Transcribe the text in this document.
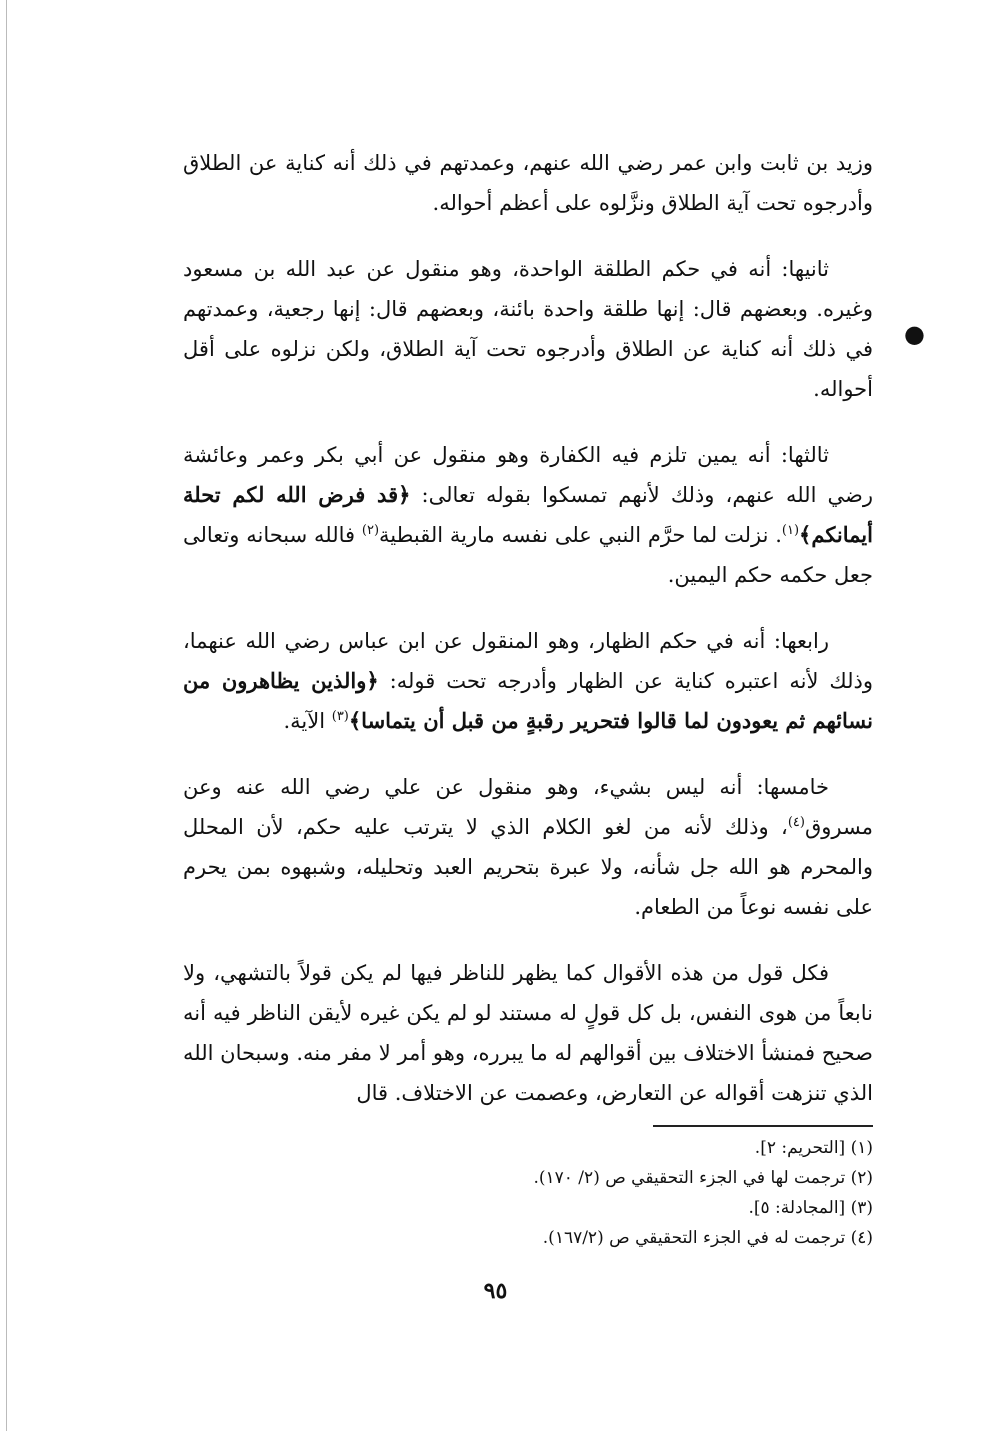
وزيد بن ثابت وابن عمر رضي الله عنهم، وعمدتهم في ذلك أنه كناية عن الطلاق وأدرجوه تحت آية الطلاق ونزَّلوه على أعظم أحواله.

ثانيها: أنه في حكم الطلقة الواحدة، وهو منقول عن عبد الله بن مسعود وغيره. وبعضهم قال: إنها طلقة واحدة بائنة، وبعضهم قال: إنها رجعية، وعمدتهم في ذلك أنه كناية عن الطلاق وأدرجوه تحت آية الطلاق، ولكن نزلوه على أقل أحواله.

ثالثها: أنه يمين تلزم فيه الكفارة وهو منقول عن أبي بكر وعمر وعائشة رضي الله عنهم، وذلك لأنهم تمسكوا بقوله تعالى: ﴿قد فرض الله لكم تحلة أيمانكم﴾$^{(١)}$. نزلت لما حرَّم النبي على نفسه مارية القبطية$^{(٢)}$ فالله سبحانه وتعالى جعل حكمه حكم اليمين.

رابعها: أنه في حكم الظهار، وهو المنقول عن ابن عباس رضي الله عنهما، وذلك لأنه اعتبره كناية عن الظهار وأدرجه تحت قوله: ﴿والذين يظاهرون من نسائهم ثم يعودون لما قالوا فتحرير رقبةٍ من قبل أن يتماسا﴾$^{(٣)}$ الآية.

خامسها: أنه ليس بشيء، وهو منقول عن علي رضي الله عنه وعن مسروق$^{(٤)}$، وذلك لأنه من لغو الكلام الذي لا يترتب عليه حكم، لأن المحلل والمحرم هو الله جل شأنه، ولا عبرة بتحريم العبد وتحليله، وشبهوه بمن يحرم على نفسه نوعاً من الطعام.

فكل قول من هذه الأقوال كما يظهر للناظر فيها لم يكن قولاً بالتشهي، ولا نابعاً من هوى النفس، بل كل قولٍ له مستند لو لم يكن غيره لأيقن الناظر فيه أنه صحيح فمنشأ الاختلاف بين أقوالهم له ما يبرره، وهو أمر لا مفر منه. وسبحان الله الذي تنزهت أقواله عن التعارض، وعصمت عن الاختلاف. قال

●

(١) [التحريم: ٢].

(٢) ترجمت لها في الجزء التحقيقي ص (٢/ ١٧٠).

(٣) [المجادلة: ٥].

(٤) ترجمت له في الجزء التحقيقي ص (١٦٧/٢).

٩٥
